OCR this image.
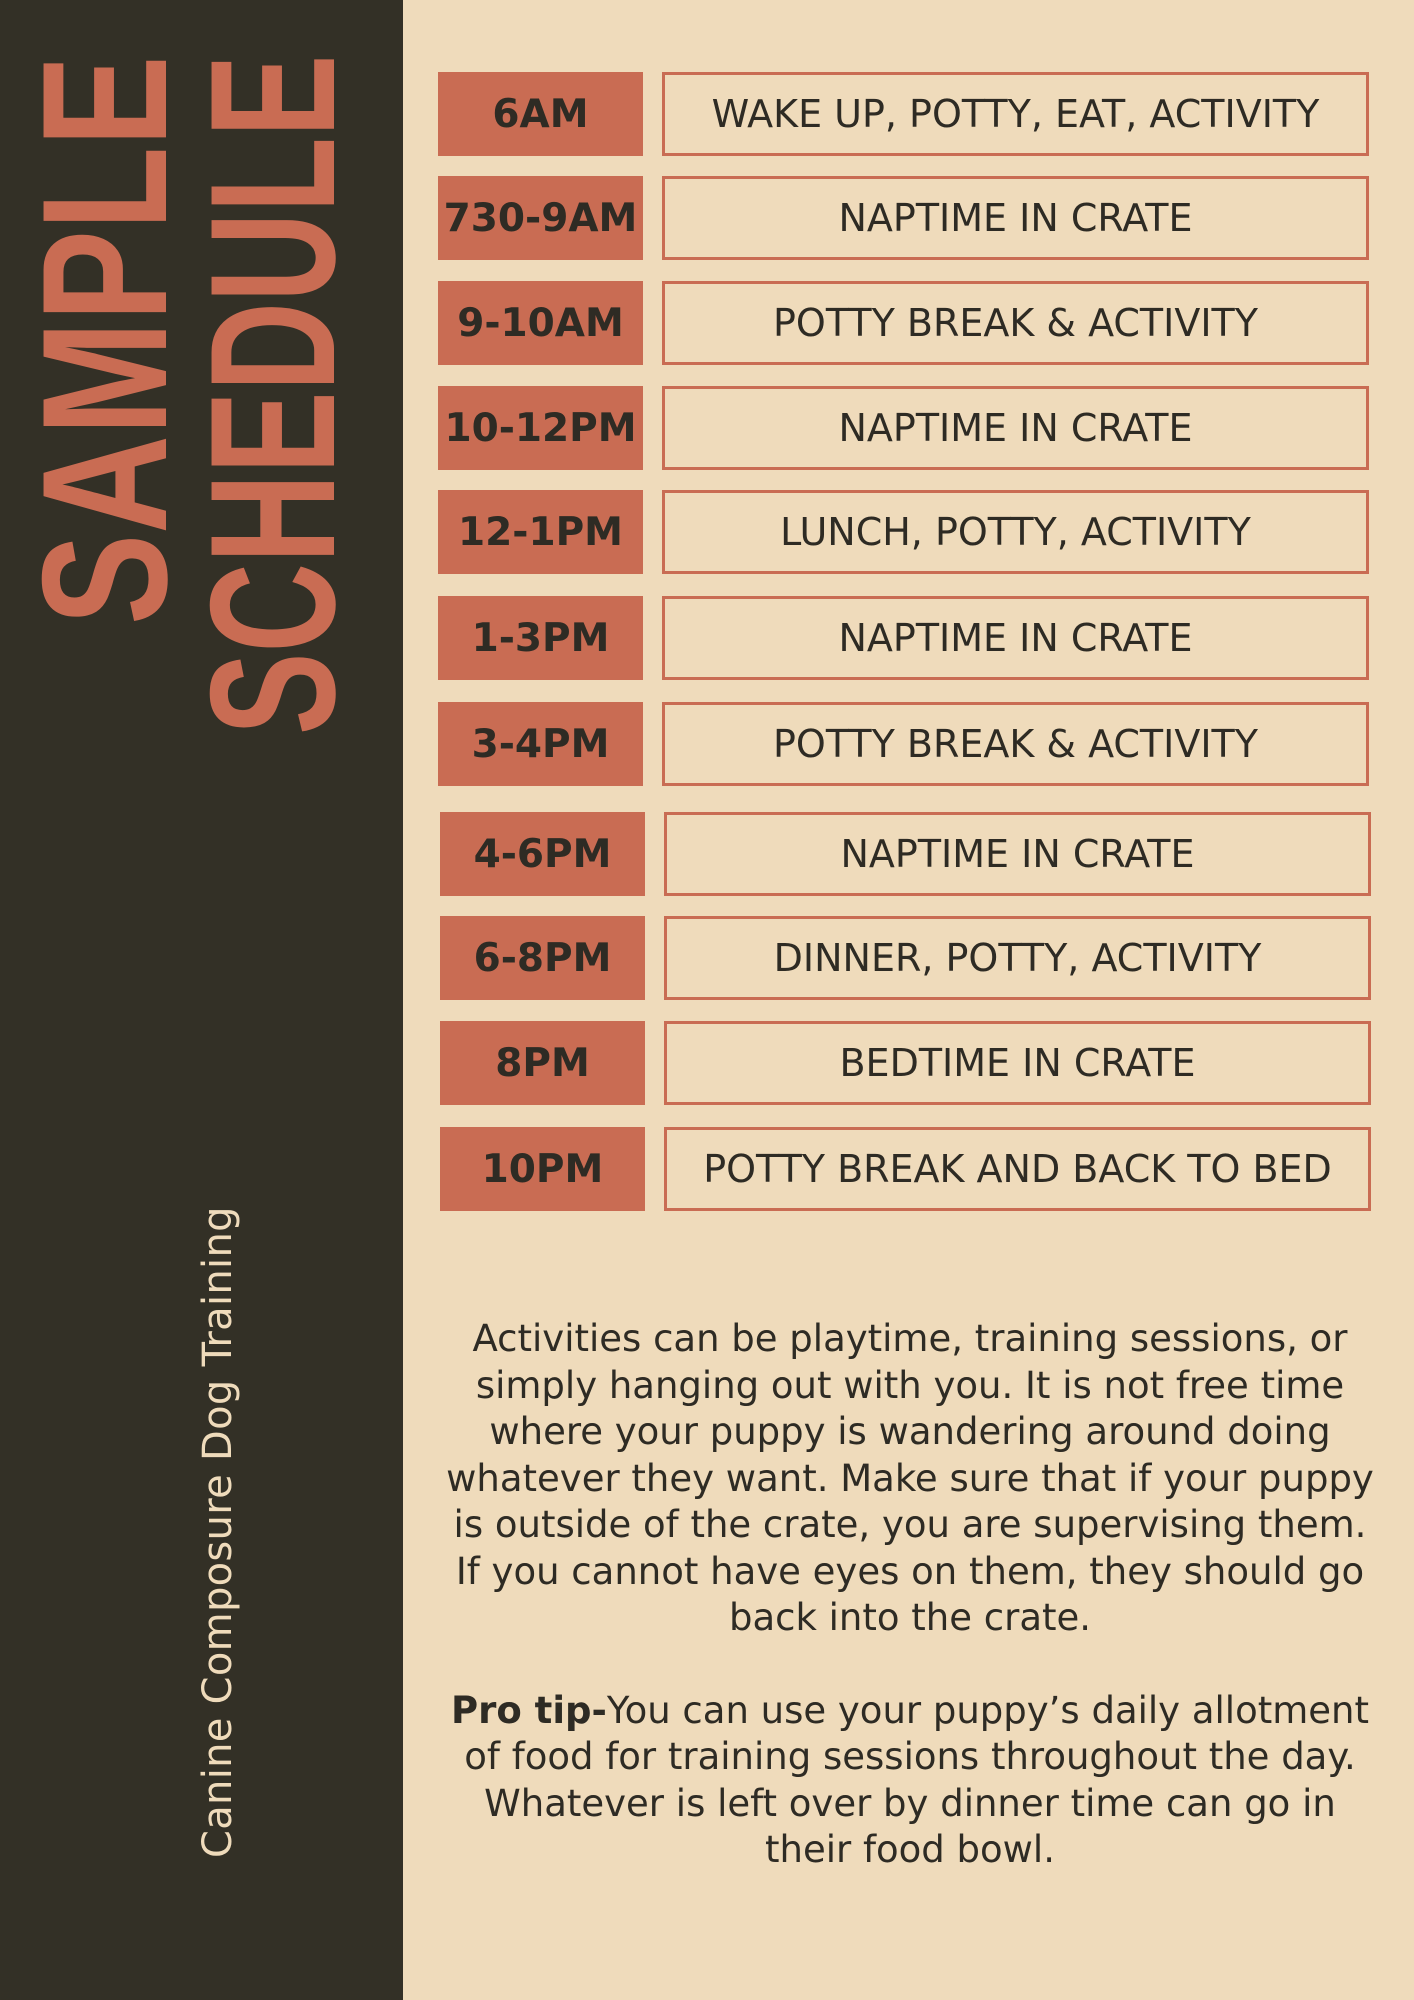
SAMPLE
SCHEDULE
Canine Composure Dog Training
6AM	WAKE UP, POTTY, EAT, ACTIVITY
730-9AM	NAPTIME IN CRATE
9-10AM	POTTY BREAK & ACTIVITY
10-12PM	NAPTIME IN CRATE
12-1PM	LUNCH, POTTY, ACTIVITY
1-3PM	NAPTIME IN CRATE
3-4PM	POTTY BREAK & ACTIVITY
4-6PM	NAPTIME IN CRATE
6-8PM	DINNER, POTTY, ACTIVITY
8PM	BEDTIME IN CRATE
10PM	POTTY BREAK AND BACK TO BED

Activities can be playtime, training sessions, or simply hanging out with you. It is not free time where your puppy is wandering around doing whatever they want. Make sure that if your puppy is outside of the crate, you are supervising them. If you cannot have eyes on them, they should go back into the crate.

Pro tip-You can use your puppy’s daily allotment of food for training sessions throughout the day. Whatever is left over by dinner time can go in their food bowl.
